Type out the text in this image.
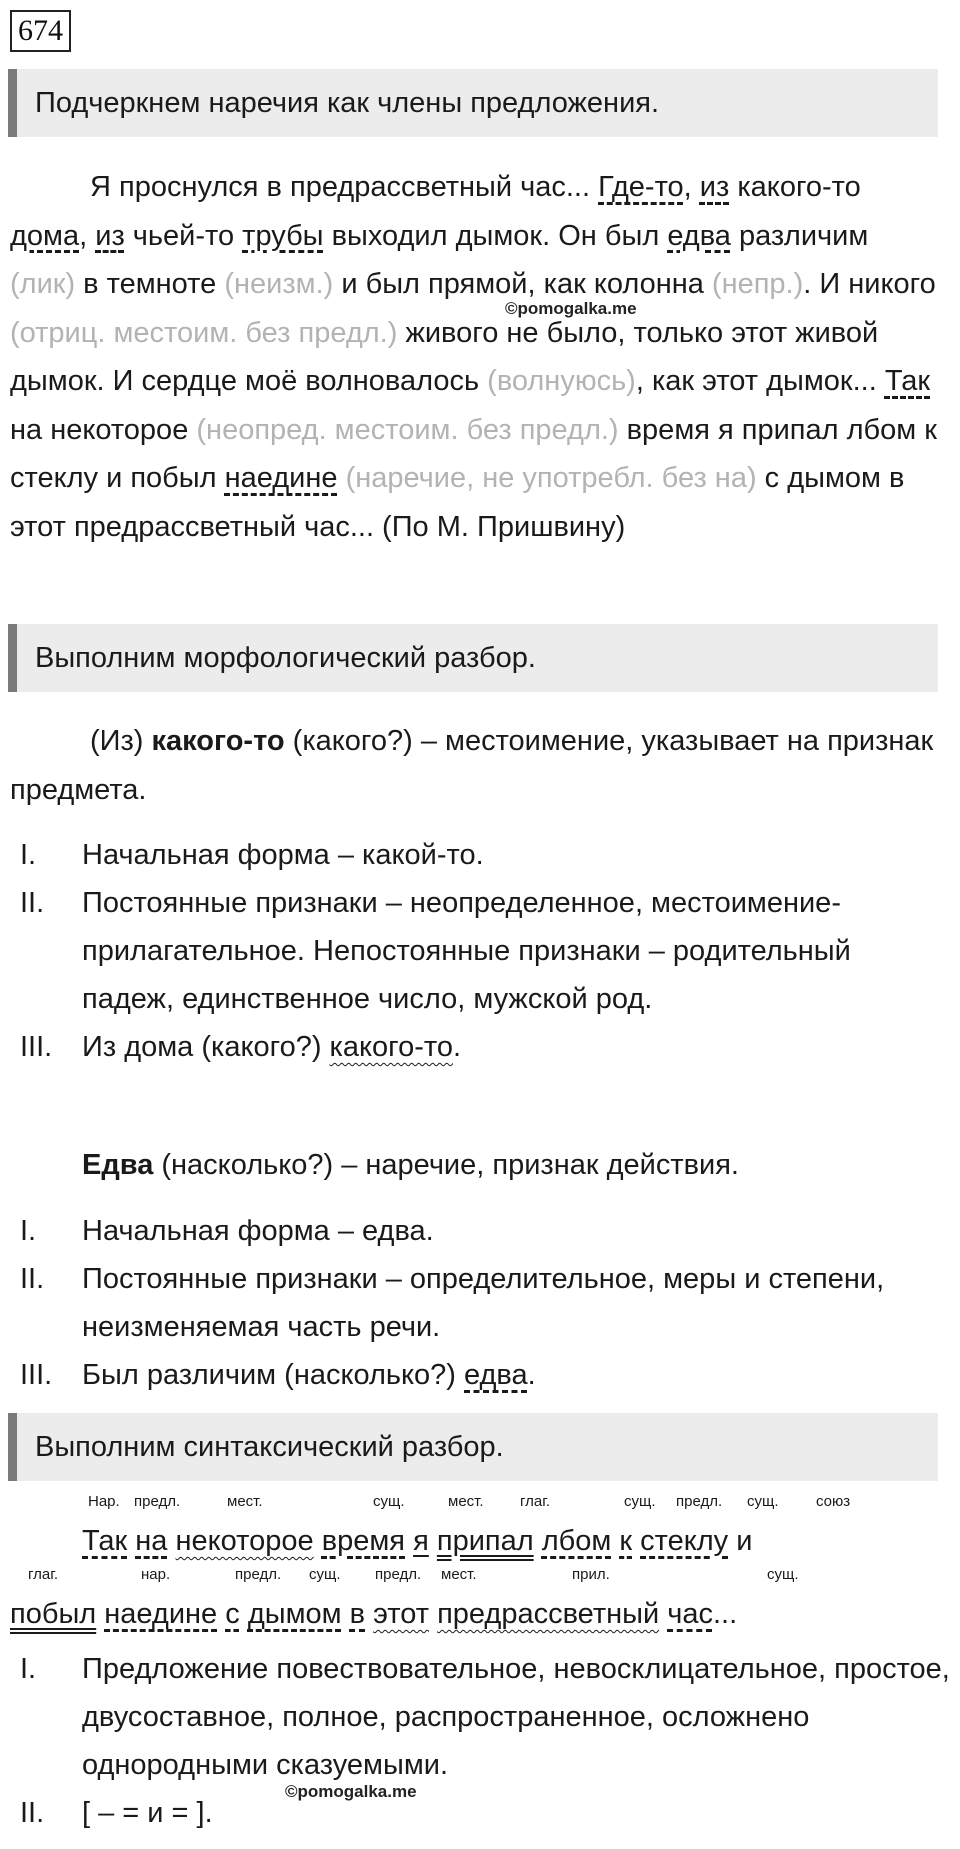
674
Подчеркнем наречия как члены предложения.
Я проснулся в предрассветный час... Где-то, из какого-то дома, из чьей-то трубы выходил дымок. Он был едва различим (лик) в темноте (неизм.) и был прямой, как колонна (непр.). И никого (отриц. местоим. без предл.) живого не было, только этот живой дымок. И сердце моё волновалось (волнуюсь), как этот дымок... Так на некоторое (неопред. местоим. без предл.) время я припал лбом к стеклу и побыл наедине (наречие, не употребл. без на) с дымом в этот предрассветный час... (По М. Пришвину)
©pomogalka.me
Выполним морфологический разбор.
(Из) какого-то (какого?) – местоимение, указывает на признак предмета.
I.	Начальная форма – какой-то.
II.	Постоянные признаки – неопределенное, местоимение-прилагательное. Непостоянные признаки – родительный падеж, единственное число, мужской род.
III.	Из дома (какого?) какого-то.
Едва (насколько?) – наречие, признак действия.
I.	Начальная форма – едва.
II.	Постоянные признаки – определительное, меры и степени, неизменяемая часть речи.
III.	Был различим (насколько?) едва.
Выполним синтаксический разбор.
Нар. предл.	мест.	сущ.	мест. глаг.	сущ. предл. сущ. союз
Так на некоторое время я припал лбом к стеклу и
глаг.	нар.	предл. сущ. предл. мест.	прил.	сущ.
побыл наедине с дымом в этот предрассветный час...
I.	Предложение повествовательное, невосклицательное, простое, двусоставное, полное, распространенное, осложнено однородными сказуемыми.
II.	[ – = и = ].
©pomogalka.me
